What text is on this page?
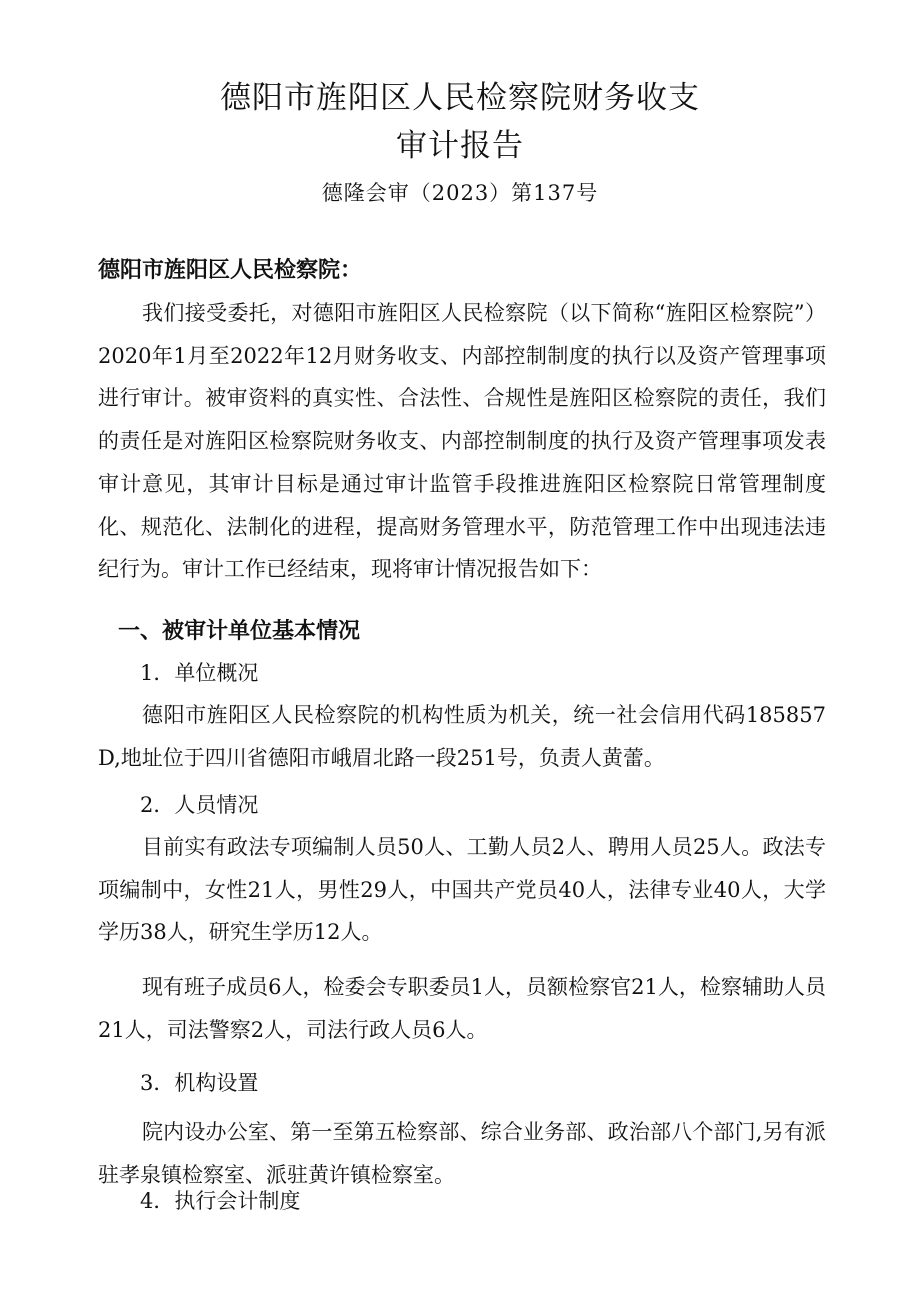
德阳市旌阳区人民检察院财务收支
审计报告
德隆会审（2023）第137号
德阳市旌阳区人民检察院：
我们接受委托，对德阳市旌阳区人民检察院（以下简称“旌阳区检察院”）2020年1月至2022年12月财务收支、内部控制制度的执行以及资产管理事项进行审计。被审资料的真实性、合法性、合规性是旌阳区检察院的责任，我们的责任是对旌阳区检察院财务收支、内部控制制度的执行及资产管理事项发表审计意见，其审计目标是通过审计监管手段推进旌阳区检察院日常管理制度化、规范化、法制化的进程，提高财务管理水平，防范管理工作中出现违法违纪行为。审计工作已经结束，现将审计情况报告如下：
一、被审计单位基本情况
1．单位概况
德阳市旌阳区人民检察院的机构性质为机关，统一社会信用代码185857D,地址位于四川省德阳市峨眉北路一段251号，负责人黄蕾。
2．人员情况
目前实有政法专项编制人员50人、工勤人员2人、聘用人员25人。政法专项编制中，女性21人，男性29人，中国共产党员40人，法律专业40人，大学学历38人，研究生学历12人。
现有班子成员6人，检委会专职委员1人，员额检察官21人，检察辅助人员21人，司法警察2人，司法行政人员6人。
3．机构设置
院内设办公室、第一至第五检察部、综合业务部、政治部八个部门,另有派驻孝泉镇检察室、派驻黄许镇检察室。
4．执行会计制度
